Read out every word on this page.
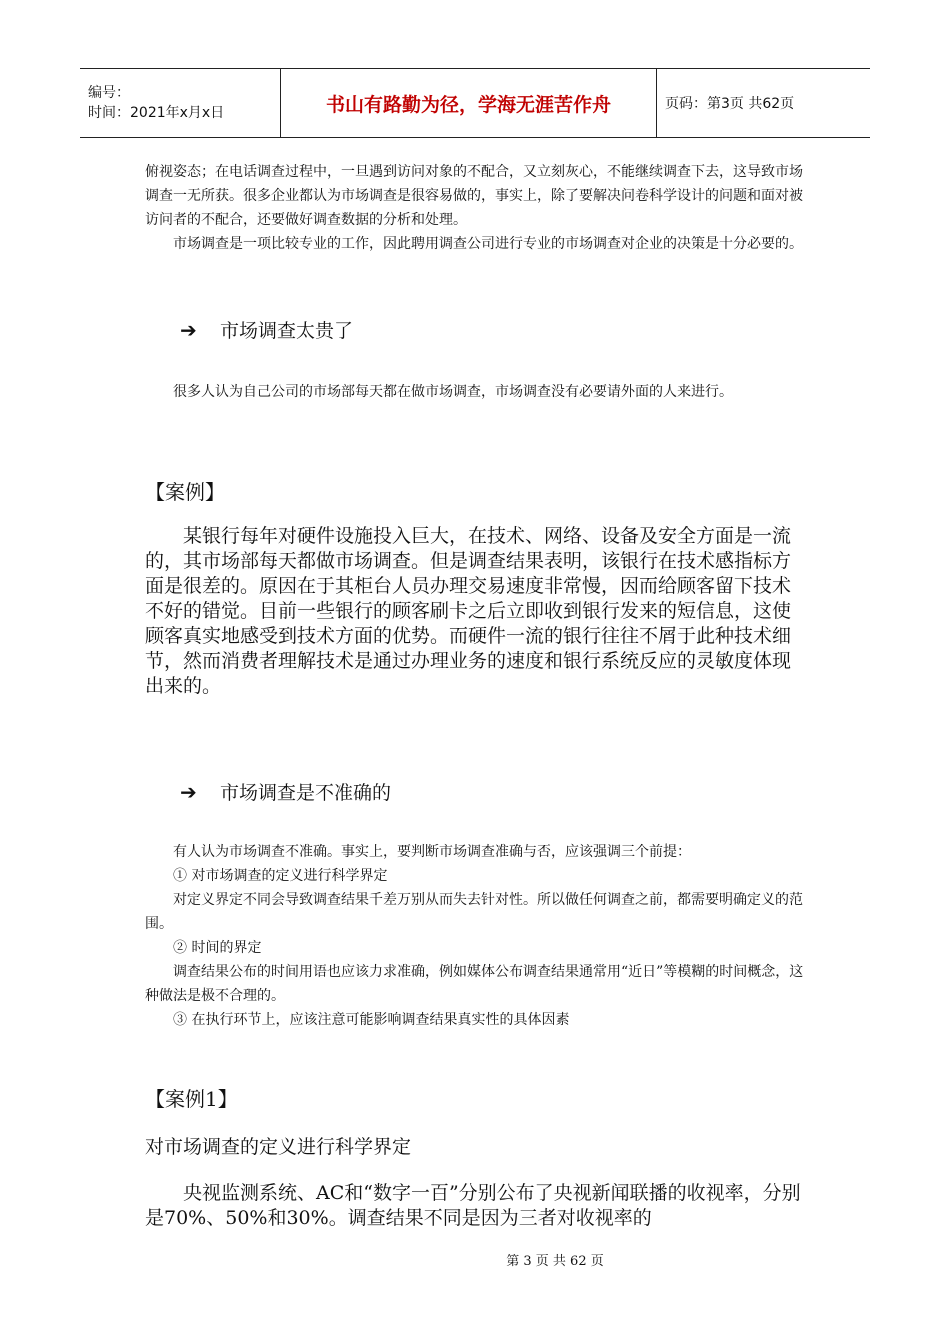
编号：
时间：2021年x月x日	书山有路勤为径，学海无涯苦作舟	页码：第3页 共62页

俯视姿态；在电话调查过程中，一旦遇到访问对象的不配合，又立刻灰心，不能继续调查下去，这导致市场调查一无所获。很多企业都认为市场调查是很容易做的，事实上，除了要解决问卷科学设计的问题和面对被访问者的不配合，还要做好调查数据的分析和处理。

市场调查是一项比较专业的工作，因此聘用调查公司进行专业的市场调查对企业的决策是十分必要的。

➔	市场调查太贵了

很多人认为自己公司的市场部每天都在做市场调查，市场调查没有必要请外面的人来进行。

【案例】

某银行每年对硬件设施投入巨大，在技术、网络、设备及安全方面是一流的，其市场部每天都做市场调查。但是调查结果表明，该银行在技术感指标方面是很差的。原因在于其柜台人员办理交易速度非常慢，因而给顾客留下技术不好的错觉。目前一些银行的顾客刷卡之后立即收到银行发来的短信息，这使顾客真实地感受到技术方面的优势。而硬件一流的银行往往不屑于此种技术细节，然而消费者理解技术是通过办理业务的速度和银行系统反应的灵敏度体现出来的。

➔	市场调查是不准确的

有人认为市场调查不准确。事实上，要判断市场调查准确与否，应该强调三个前提：

① 对市场调查的定义进行科学界定

对定义界定不同会导致调查结果千差万别从而失去针对性。所以做任何调查之前，都需要明确定义的范围。

② 时间的界定

调查结果公布的时间用语也应该力求准确，例如媒体公布调查结果通常用“近日”等模糊的时间概念，这种做法是极不合理的。

③ 在执行环节上，应该注意可能影响调查结果真实性的具体因素

【案例1】
对市场调查的定义进行科学界定

央视监测系统、AC和“数字一百”分别公布了央视新闻联播的收视率，分别是70%、50%和30%。调查结果不同是因为三者对收视率的

第 3 页 共 62 页
